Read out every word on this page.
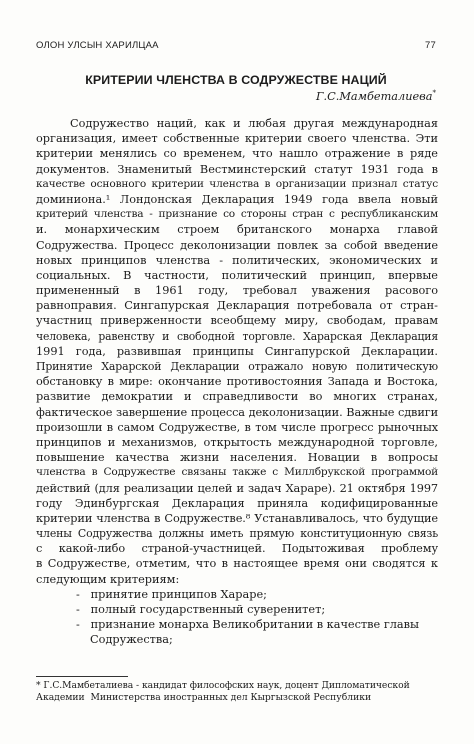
ОЛОН УЛСЫН ХАРИЛЦАА	77
КРИТЕРИИ ЧЛЕНСТВА В СОДРУЖЕСТВЕ НАЦИЙ
Г.С.Мамбеталиева*
Содружество наций, как и любая другая международная
организация, имеет собственные критерии своего членства. Эти
критерии менялись со временем, что нашло отражение в ряде
документов. Знаменитый Вестминстерский статут 1931 года в
качестве основного критерии членства в организации признал статус
доминиона.¹ Лондонская Декларация 1949 года ввела новый
критерий членства - признание со стороны стран с республиканским
и. монархическим строем британского монарха главой
Содружества. Процесс деколонизации повлек за собой введение
новых принципов членства - политических, экономических и
социальных. В частности, политический принцип, впервые
примененный в 1961 году, требовал уважения расового
равноправия. Сингапурская Декларация потребовала от стран-
участниц приверженности всеобщему миру, свободам, правам
человека, равенству и свободной торговле. Харарская Декларация
1991 года, развившая принципы Сингапурской Декларации.
Принятие Харарской Декларации отражало новую политическую
обстановку в мире: окончание противостояния Запада и Востока,
развитие демократии и справедливости во многих странах,
фактическое завершение процесса деколонизации. Важные сдвиги
произошли в самом Содружестве, в том числе прогресс рыночных
принципов и механизмов, открытость международной торговле,
повышение качества жизни населения. Новации в вопросы
членства в Содружестве связаны также с Миллбрукской программой
действий (для реализации целей и задач Хараре). 21 октября 1997
году Эдинбургская Декларация приняла кодифицированные
критерии членства в Содружестве.⁸ Устанавливалось, что будущие
члены Содружества должны иметь прямую конституционную связь
с какой-либо страной-участницей. Подытоживая проблему
в Содружестве, отметим, что в настоящее время они сводятся к
следующим критериям:
-   принятие принципов Хараре;
-   полный государственный суверенитет;
-   признание монарха Великобритании в качестве главы
Содружества;
* Г.С.Мамбеталиева - кандидат философских наук, доцент Дипломатической
Академии  Министерства иностранных дел Кыргызской Республики
